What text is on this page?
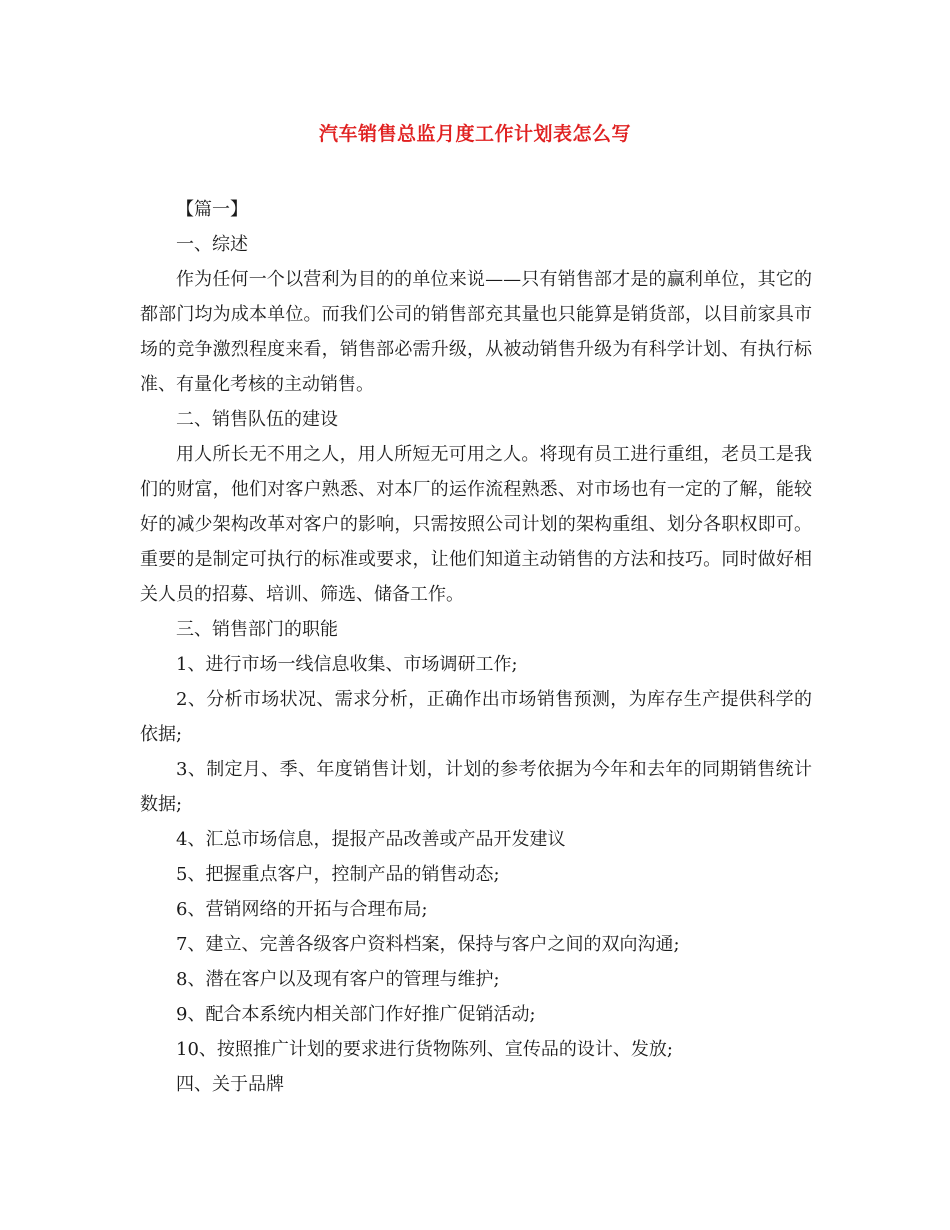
汽车销售总监月度工作计划表怎么写

【篇一】

一、综述

作为任何一个以营利为目的的单位来说——只有销售部才是的赢利单位，其它的都部门均为成本单位。而我们公司的销售部充其量也只能算是销货部，以目前家具市场的竞争激烈程度来看，销售部必需升级，从被动销售升级为有科学计划、有执行标准、有量化考核的主动销售。

二、销售队伍的建设

用人所长无不用之人，用人所短无可用之人。将现有员工进行重组，老员工是我们的财富，他们对客户熟悉、对本厂的运作流程熟悉、对市场也有一定的了解，能较好的减少架构改革对客户的影响，只需按照公司计划的架构重组、划分各职权即可。重要的是制定可执行的标准或要求，让他们知道主动销售的方法和技巧。同时做好相关人员的招募、培训、筛选、储备工作。

三、销售部门的职能

1、进行市场一线信息收集、市场调研工作;

2、分析市场状况、需求分析，正确作出市场销售预测，为库存生产提供科学的依据;

3、制定月、季、年度销售计划，计划的参考依据为今年和去年的同期销售统计数据;

4、汇总市场信息，提报产品改善或产品开发建议

5、把握重点客户，控制产品的销售动态;

6、营销网络的开拓与合理布局;

7、建立、完善各级客户资料档案，保持与客户之间的双向沟通;

8、潜在客户以及现有客户的管理与维护;

9、配合本系统内相关部门作好推广促销活动;

10、按照推广计划的要求进行货物陈列、宣传品的设计、发放;

四、关于品牌
